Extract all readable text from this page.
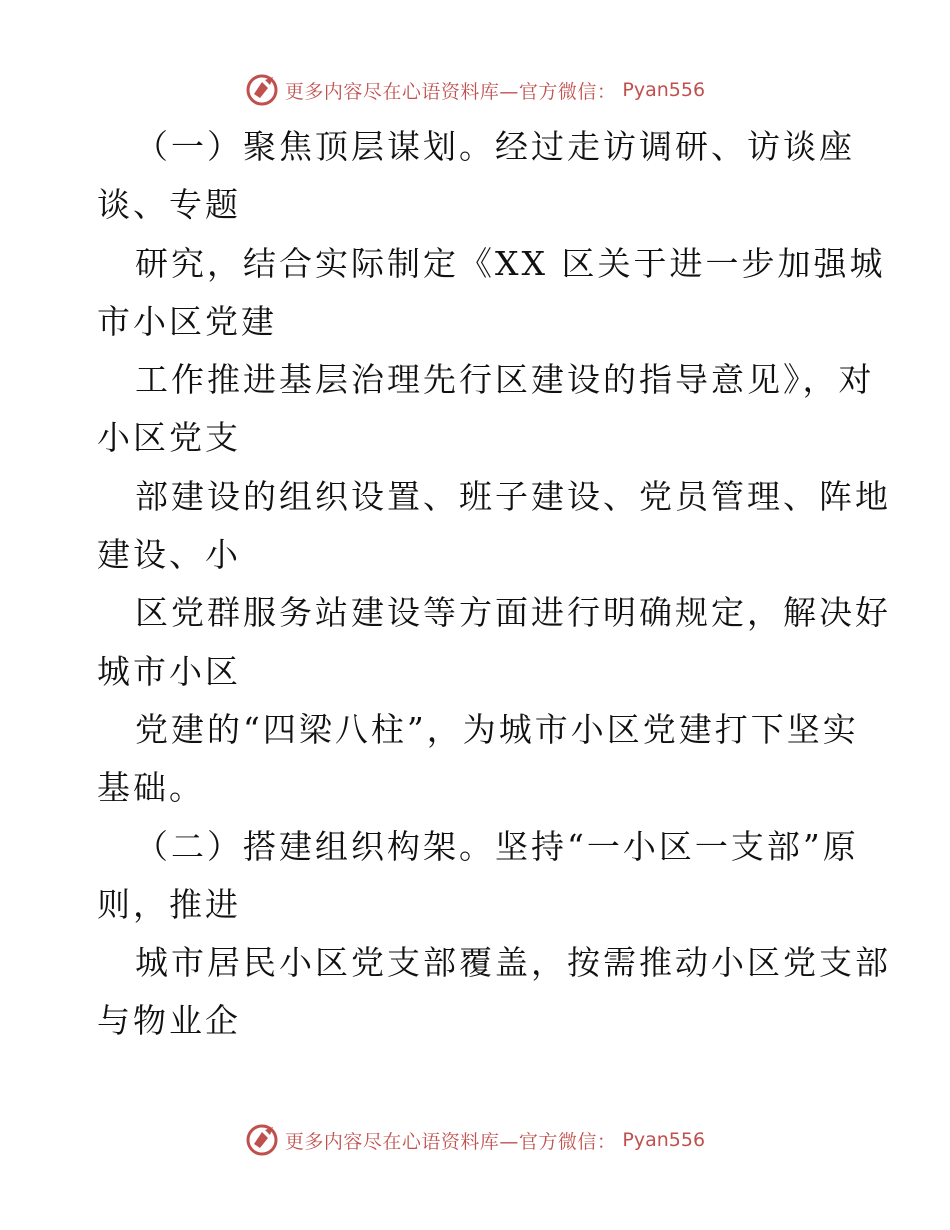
更多内容尽在心语资料库—官方微信： Pyan556
（一）聚焦顶层谋划。经过走访调研、访谈座
谈、专题
研究，结合实际制定《XX 区关于进一步加强城
市小区党建
工作推进基层治理先行区建设的指导意见》，对
小区党支
部建设的组织设置、班子建设、党员管理、阵地
建设、小
区党群服务站建设等方面进行明确规定，解决好
城市小区
党建的“四梁八柱”，为城市小区党建打下坚实
基础。
（二）搭建组织构架。坚持“一小区一支部”原
则，推进
城市居民小区党支部覆盖，按需推动小区党支部
与物业企
更多内容尽在心语资料库—官方微信： Pyan556
